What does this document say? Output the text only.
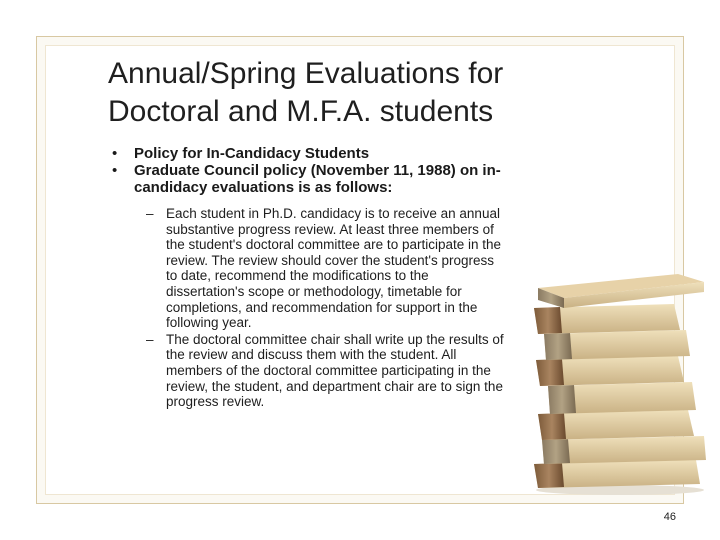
Annual/Spring Evaluations for
Doctoral and M.F.A. students
•	Policy for In-Candidacy Students
•	Graduate Council policy (November 11, 1988) on in-candidacy evaluations is as follows:
– Each student in Ph.D. candidacy is to receive an annual substantive progress review. At least three members of the student's doctoral committee are to participate in the review. The review should cover the student's progress to date, recommend the modifications to the dissertation's scope or methodology, timetable for completions, and recommendation for support in the following year.
– The doctoral committee chair shall write up the results of the review and discuss them with the student. All members of the doctoral committee participating in the review, the student, and department chair are to sign the progress review.
46
